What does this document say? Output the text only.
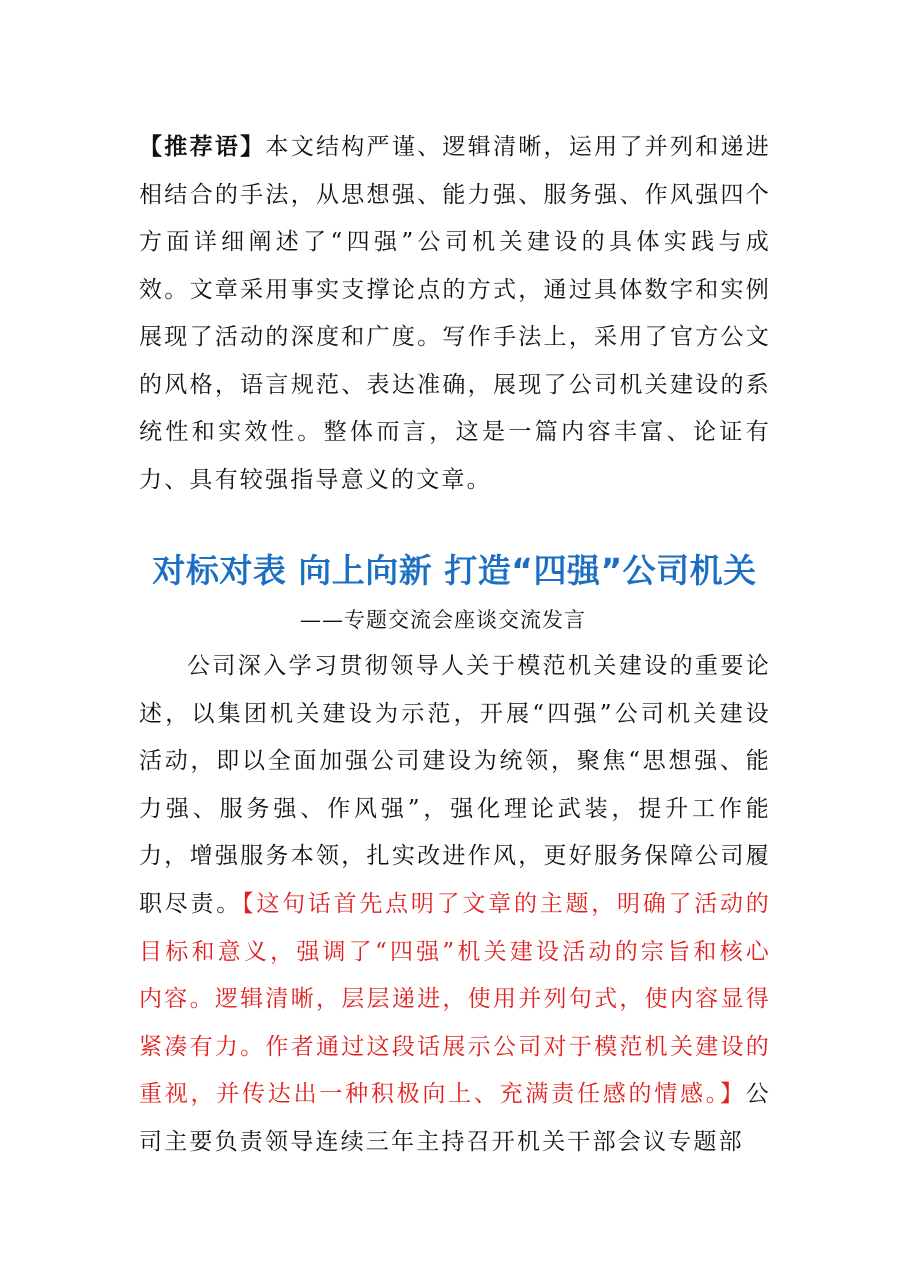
【推荐语】本文结构严谨、逻辑清晰，运用了并列和递进相结合的手法，从思想强、能力强、服务强、作风强四个方面详细阐述了“四强”公司机关建设的具体实践与成效。文章采用事实支撑论点的方式，通过具体数字和实例展现了活动的深度和广度。写作手法上，采用了官方公文的风格，语言规范、表达准确，展现了公司机关建设的系统性和实效性。整体而言，这是一篇内容丰富、论证有力、具有较强指导意义的文章。

对标对表 向上向新 打造“四强”公司机关

——专题交流会座谈交流发言

公司深入学习贯彻领导人关于模范机关建设的重要论述，以集团机关建设为示范，开展“四强”公司机关建设活动，即以全面加强公司建设为统领，聚焦“思想强、能力强、服务强、作风强”，强化理论武装，提升工作能力，增强服务本领，扎实改进作风，更好服务保障公司履职尽责。【这句话首先点明了文章的主题，明确了活动的目标和意义，强调了“四强”机关建设活动的宗旨和核心内容。逻辑清晰，层层递进，使用并列句式，使内容显得紧凑有力。作者通过这段话展示公司对于模范机关建设的重视，并传达出一种积极向上、充满责任感的情感。】公司主要负责领导连续三年主持召开机关干部会议专题部
